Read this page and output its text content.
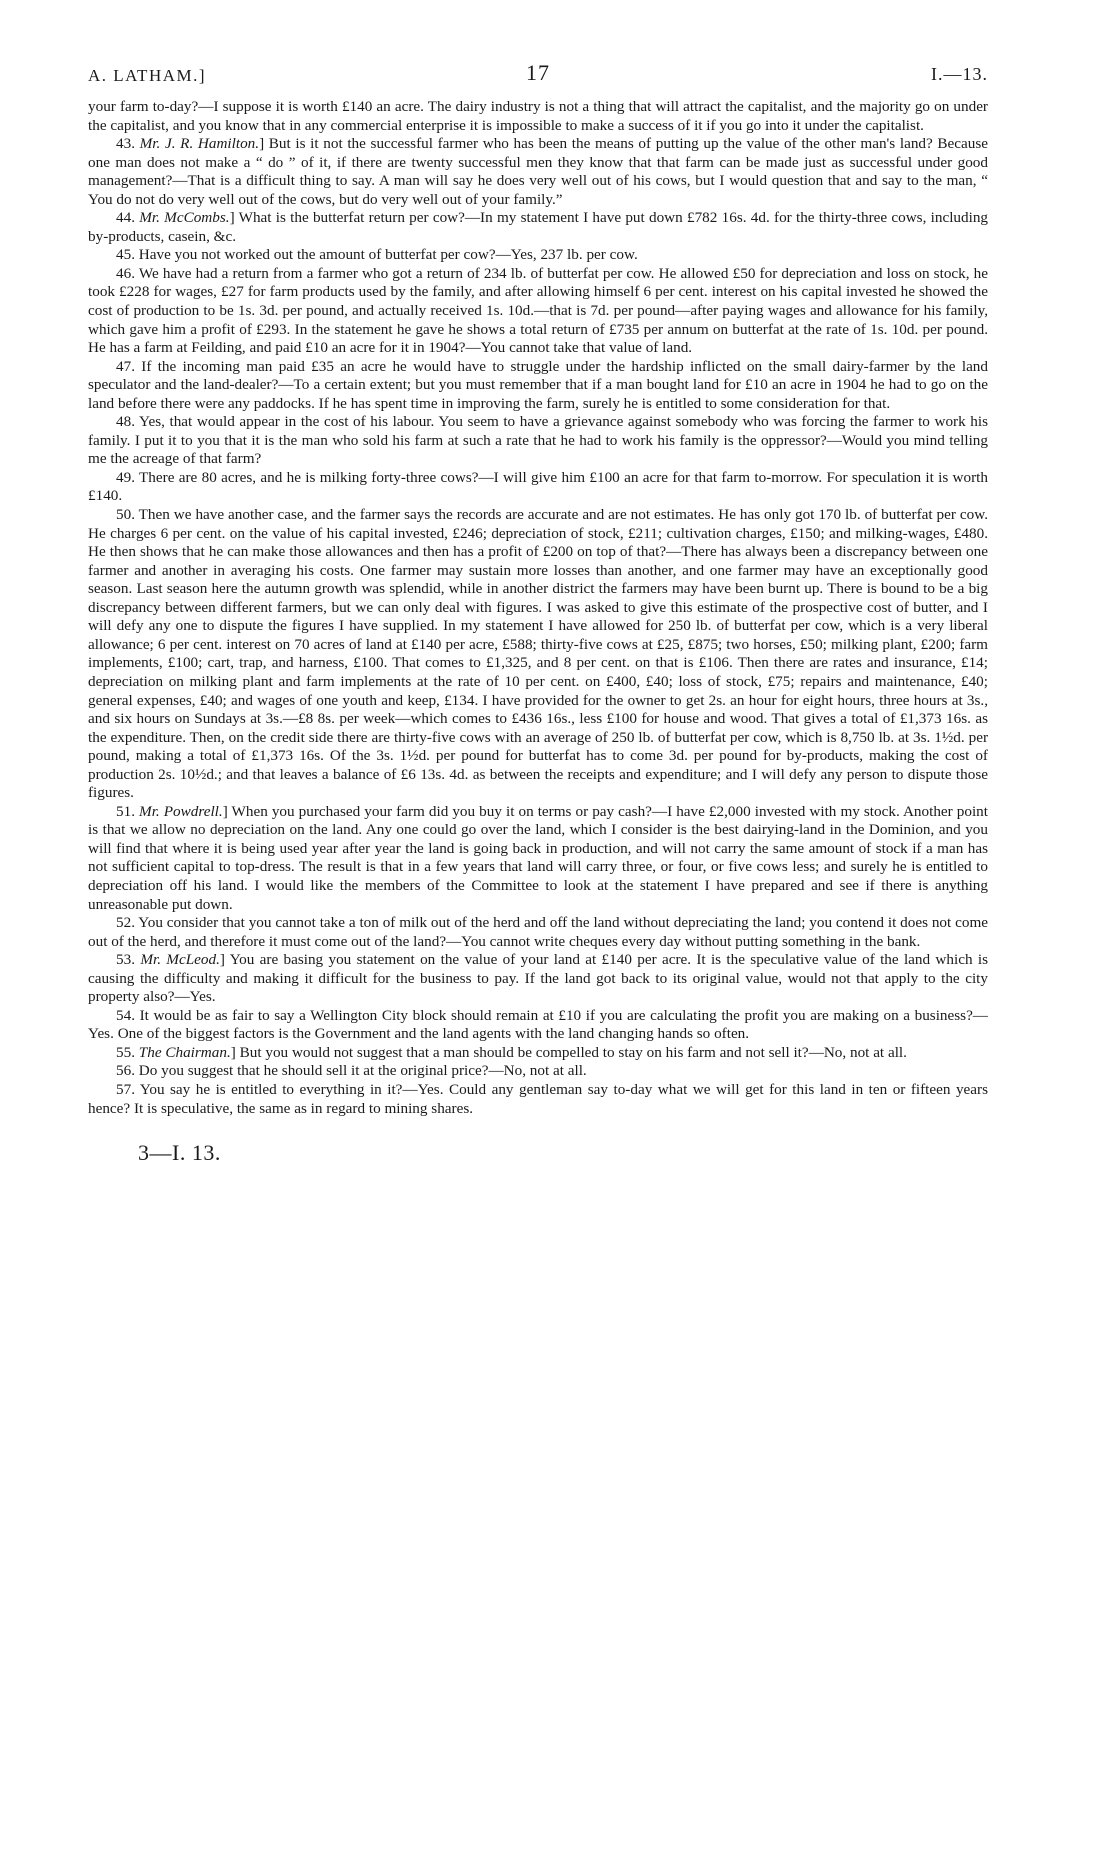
A. LATHAM.]	17	I.—13.

your farm to-day?—I suppose it is worth £140 an acre. The dairy industry is not a thing that will attract the capitalist, and the majority go on under the capitalist, and you know that in any commercial enterprise it is impossible to make a success of it if you go into it under the capitalist.

43. Mr. J. R. Hamilton.] But is it not the successful farmer who has been the means of putting up the value of the other man's land? Because one man does not make a “ do ” of it, if there are twenty successful men they know that that farm can be made just as successful under good management?—That is a difficult thing to say. A man will say he does very well out of his cows, but I would question that and say to the man, “ You do not do very well out of the cows, but do very well out of your family.”

44. Mr. McCombs.] What is the butterfat return per cow?—In my statement I have put down £782 16s. 4d. for the thirty-three cows, including by-products, casein, &c.

45. Have you not worked out the amount of butterfat per cow?—Yes, 237 lb. per cow.

46. We have had a return from a farmer who got a return of 234 lb. of butterfat per cow. He allowed £50 for depreciation and loss on stock, he took £228 for wages, £27 for farm products used by the family, and after allowing himself 6 per cent. interest on his capital invested he showed the cost of production to be 1s. 3d. per pound, and actually received 1s. 10d.—that is 7d. per pound—after paying wages and allowance for his family, which gave him a profit of £293. In the statement he gave he shows a total return of £735 per annum on butterfat at the rate of 1s. 10d. per pound. He has a farm at Feilding, and paid £10 an acre for it in 1904?—You cannot take that value of land.

47. If the incoming man paid £35 an acre he would have to struggle under the hardship inflicted on the small dairy-farmer by the land speculator and the land-dealer?—To a certain extent; but you must remember that if a man bought land for £10 an acre in 1904 he had to go on the land before there were any paddocks. If he has spent time in improving the farm, surely he is entitled to some consideration for that.

48. Yes, that would appear in the cost of his labour. You seem to have a grievance against somebody who was forcing the farmer to work his family. I put it to you that it is the man who sold his farm at such a rate that he had to work his family is the oppressor?—Would you mind telling me the acreage of that farm?

49. There are 80 acres, and he is milking forty-three cows?—I will give him £100 an acre for that farm to-morrow. For speculation it is worth £140.

50. Then we have another case, and the farmer says the records are accurate and are not estimates. He has only got 170 lb. of butterfat per cow. He charges 6 per cent. on the value of his capital invested, £246; depreciation of stock, £211; cultivation charges, £150; and milking-wages, £480. He then shows that he can make those allowances and then has a profit of £200 on top of that?—There has always been a discrepancy between one farmer and another in averaging his costs. One farmer may sustain more losses than another, and one farmer may have an exceptionally good season. Last season here the autumn growth was splendid, while in another district the farmers may have been burnt up. There is bound to be a big discrepancy between different farmers, but we can only deal with figures. I was asked to give this estimate of the prospective cost of butter, and I will defy any one to dispute the figures I have supplied. In my statement I have allowed for 250 lb. of butterfat per cow, which is a very liberal allowance; 6 per cent. interest on 70 acres of land at £140 per acre, £588; thirty-five cows at £25, £875; two horses, £50; milking plant, £200; farm implements, £100; cart, trap, and harness, £100. That comes to £1,325, and 8 per cent. on that is £106. Then there are rates and insurance, £14; depreciation on milking plant and farm implements at the rate of 10 per cent. on £400, £40; loss of stock, £75; repairs and maintenance, £40; general expenses, £40; and wages of one youth and keep, £134. I have provided for the owner to get 2s. an hour for eight hours, three hours at 3s., and six hours on Sundays at 3s.—£8 8s. per week—which comes to £436 16s., less £100 for house and wood. That gives a total of £1,373 16s. as the expenditure. Then, on the credit side there are thirty-five cows with an average of 250 lb. of butterfat per cow, which is 8,750 lb. at 3s. 1½d. per pound, making a total of £1,373 16s. Of the 3s. 1½d. per pound for butterfat has to come 3d. per pound for by-products, making the cost of production 2s. 10½d.; and that leaves a balance of £6 13s. 4d. as between the receipts and expenditure; and I will defy any person to dispute those figures.

51. Mr. Powdrell.] When you purchased your farm did you buy it on terms or pay cash?—I have £2,000 invested with my stock. Another point is that we allow no depreciation on the land. Any one could go over the land, which I consider is the best dairying-land in the Dominion, and you will find that where it is being used year after year the land is going back in production, and will not carry the same amount of stock if a man has not sufficient capital to top-dress. The result is that in a few years that land will carry three, or four, or five cows less; and surely he is entitled to depreciation off his land. I would like the members of the Committee to look at the statement I have prepared and see if there is anything unreasonable put down.

52. You consider that you cannot take a ton of milk out of the herd and off the land without depreciating the land; you contend it does not come out of the herd, and therefore it must come out of the land?—You cannot write cheques every day without putting something in the bank.

53. Mr. McLeod.] You are basing you statement on the value of your land at £140 per acre. It is the speculative value of the land which is causing the difficulty and making it difficult for the business to pay. If the land got back to its original value, would not that apply to the city property also?—Yes.

54. It would be as fair to say a Wellington City block should remain at £10 if you are calculating the profit you are making on a business?—Yes. One of the biggest factors is the Government and the land agents with the land changing hands so often.

55. The Chairman.] But you would not suggest that a man should be compelled to stay on his farm and not sell it?—No, not at all.

56. Do you suggest that he should sell it at the original price?—No, not at all.

57. You say he is entitled to everything in it?—Yes. Could any gentleman say to-day what we will get for this land in ten or fifteen years hence? It is speculative, the same as in regard to mining shares.

3—I. 13.
